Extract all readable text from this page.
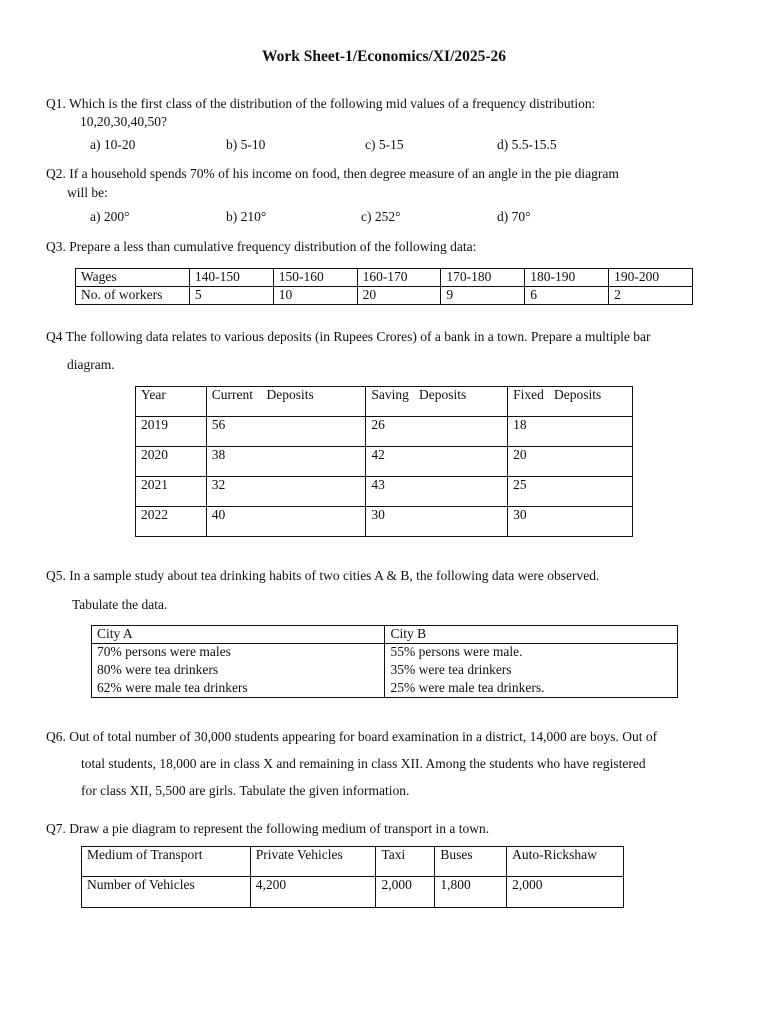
Work Sheet-1/Economics/XI/2025-26
Q1. Which is the first class of the distribution of the following mid values of a frequency distribution:
10,20,30,40,50?
a) 10-20	b) 5-10	c) 5-15	d) 5.5-15.5
Q2. If a household spends 70% of his income on food, then degree measure of an angle in the pie diagram
will be:
a) 200°	b) 210°	c) 252°	d) 70°
Q3. Prepare a less than cumulative frequency distribution of the following data:
Wages	140-150	150-160	160-170	170-180	180-190	190-200
No. of workers	5	10	20	9	6	2
Q4 The following data relates to various deposits (in Rupees Crores) of a bank in a town. Prepare a multiple bar
diagram.
Year	Current    Deposits	Saving   Deposits	Fixed   Deposits
2019	56	26	18
2020	38	42	20
2021	32	43	25
2022	40	30	30
Q5. In a sample study about tea drinking habits of two cities A & B, the following data were observed.
Tabulate the data.
City A	City B
70% persons were males	55% persons were male.
80% were tea drinkers	35% were tea drinkers
62% were male tea drinkers	25% were male tea drinkers.
Q6. Out of total number of 30,000 students appearing for board examination in a district, 14,000 are boys. Out of
total students, 18,000 are in class X and remaining in class XII. Among the students who have registered
for class XII, 5,500 are girls. Tabulate the given information.
Q7. Draw a pie diagram to represent the following medium of transport in a town.
Medium of Transport	Private Vehicles	Taxi	Buses	Auto-Rickshaw
Number of Vehicles	4,200	2,000	1,800	2,000
